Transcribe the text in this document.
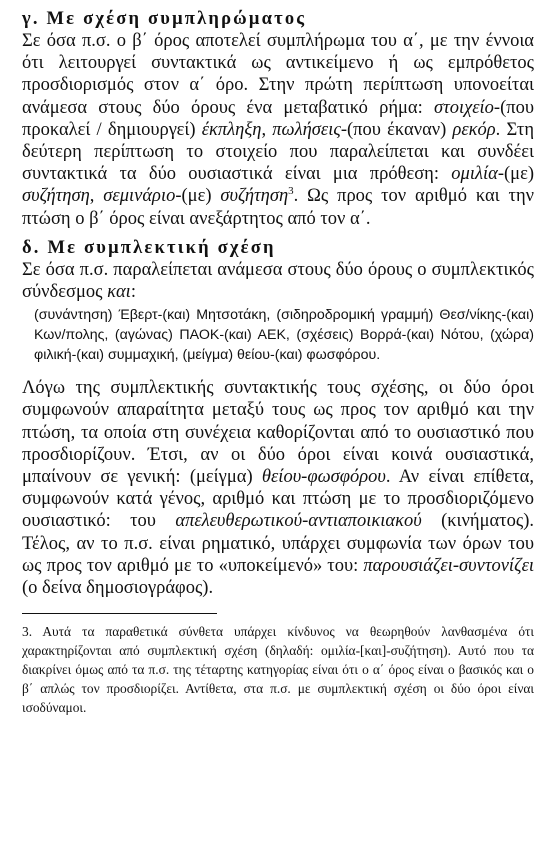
γ. Με σχέση συμπληρώματος

Σε όσα π.σ. ο β΄ όρος αποτελεί συμπλήρωμα του α΄, με την έννοια ότι λειτουργεί συντακτικά ως αντικείμενο ή ως εμπρόθετος προσδιορισμός στον α΄ όρο. Στην πρώτη περίπτωση υπονοείται ανάμεσα στους δύο όρους ένα μεταβατικό ρήμα: στοιχείο-(που προκαλεί / δημιουργεί) έκπληξη, πωλήσεις-(που έκαναν) ρεκόρ. Στη δεύτερη περίπτωση το στοιχείο που παραλείπεται και συνδέει συντακτικά τα δύο ουσιαστικά είναι μια πρόθεση: ομιλία-(με) συζήτηση, σεμινάριο-(με) συζήτηση$^3$. Ως προς τον αριθμό και την πτώση ο β΄ όρος είναι ανεξάρτητος από τον α΄.

δ. Με συμπλεκτική σχέση

Σε όσα π.σ. παραλείπεται ανάμεσα στους δύο όρους ο συμπλεκτικός σύνδεσμος και:

(συνάντηση) Έβερτ-(και) Μητσοτάκη, (σιδηροδρομική γραμμή) Θεσ/νίκης-(και) Κων/πολης, (αγώνας) ΠΑΟΚ-(και) ΑΕΚ, (σχέσεις) Βορρά-(και) Νότου, (χώρα) φιλική-(και) συμμαχική, (μείγμα) θείου-(και) φωσφόρου.

Λόγω της συμπλεκτικής συντακτικής τους σχέσης, οι δύο όροι συμφωνούν απαραίτητα μεταξύ τους ως προς τον αριθμό και την πτώση, τα οποία στη συνέχεια καθορίζονται από το ουσιαστικό που προσδιορίζουν. Έτσι, αν οι δύο όροι είναι κοινά ουσιαστικά, μπαίνουν σε γενική: (μείγμα) θείου-φωσφόρου. Αν είναι επίθετα, συμφωνούν κατά γένος, αριθμό και πτώση με το προσδιοριζόμενο ουσιαστικό: του απελευθερωτικού-αντιαποικιακού (κινήματος). Τέλος, αν το π.σ. είναι ρηματικό, υπάρχει συμφωνία των όρων του ως προς τον αριθμό με το «υποκείμενό» του: παρουσιάζει-συντονίζει (ο δείνα δημοσιογράφος).

3. Αυτά τα παραθετικά σύνθετα υπάρχει κίνδυνος να θεωρηθούν λανθασμένα ότι χαρακτηρίζονται από συμπλεκτική σχέση (δηλαδή: ομιλία-[και]-συζήτηση). Αυτό που τα διακρίνει όμως από τα π.σ. της τέταρτης κατηγορίας είναι ότι ο α΄ όρος είναι ο βασικός και ο β΄ απλώς τον προσδιορίζει. Αντίθετα, στα π.σ. με συμπλεκτική σχέση οι δύο όροι είναι ισοδύναμοι.
